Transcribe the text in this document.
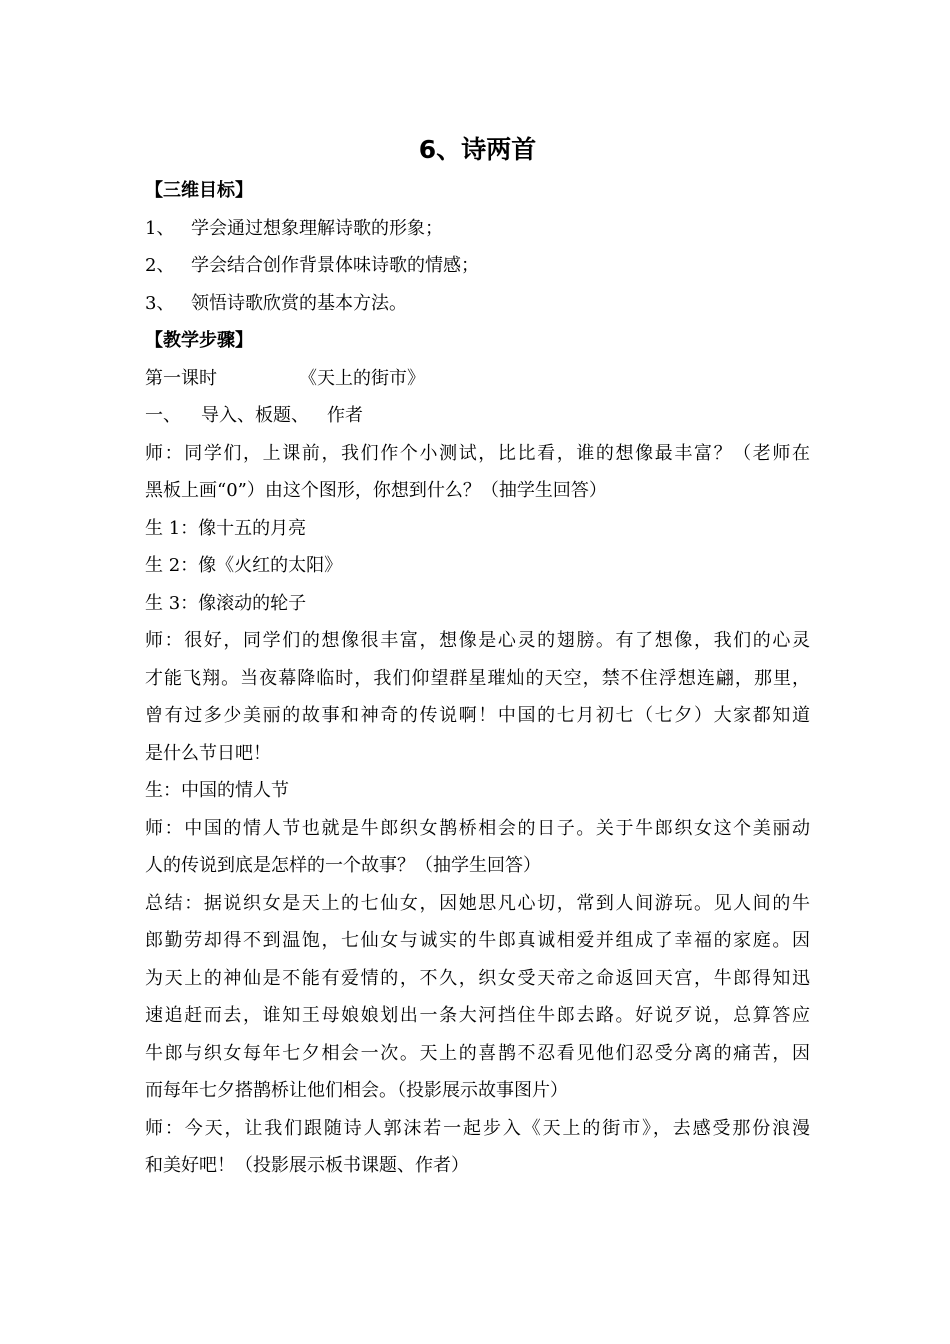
6、诗两首
【三维目标】
1、 学会通过想象理解诗歌的形象；
2、 学会结合创作背景体味诗歌的情感；
3、 领悟诗歌欣赏的基本方法。
【教学步骤】
第一课时	《天上的街市》
一、 导入、板题、 作者
师：同学们，上课前，我们作个小测试，比比看，谁的想像最丰富？（老师在
黑板上画“0”）由这个图形，你想到什么？（抽学生回答）
生 1：像十五的月亮
生 2：像《火红的太阳》
生 3：像滚动的轮子
师：很好，同学们的想像很丰富，想像是心灵的翅膀。有了想像，我们的心灵
才能飞翔。当夜幕降临时，我们仰望群星璀灿的天空，禁不住浮想连翩，那里，
曾有过多少美丽的故事和神奇的传说啊！中国的七月初七（七夕）大家都知道
是什么节日吧！
生：中国的情人节
师：中国的情人节也就是牛郎织女鹊桥相会的日子。关于牛郎织女这个美丽动
人的传说到底是怎样的一个故事？（抽学生回答）
总结：据说织女是天上的七仙女，因她思凡心切，常到人间游玩。见人间的牛
郎勤劳却得不到温饱，七仙女与诚实的牛郎真诚相爱并组成了幸福的家庭。因
为天上的神仙是不能有爱情的，不久，织女受天帝之命返回天宫，牛郎得知迅
速追赶而去，谁知王母娘娘划出一条大河挡住牛郎去路。好说歹说，总算答应
牛郎与织女每年七夕相会一次。天上的喜鹊不忍看见他们忍受分离的痛苦，因
而每年七夕搭鹊桥让他们相会。（投影展示故事图片）
师：今天，让我们跟随诗人郭沫若一起步入《天上的街市》，去感受那份浪漫
和美好吧！（投影展示板书课题、作者）
